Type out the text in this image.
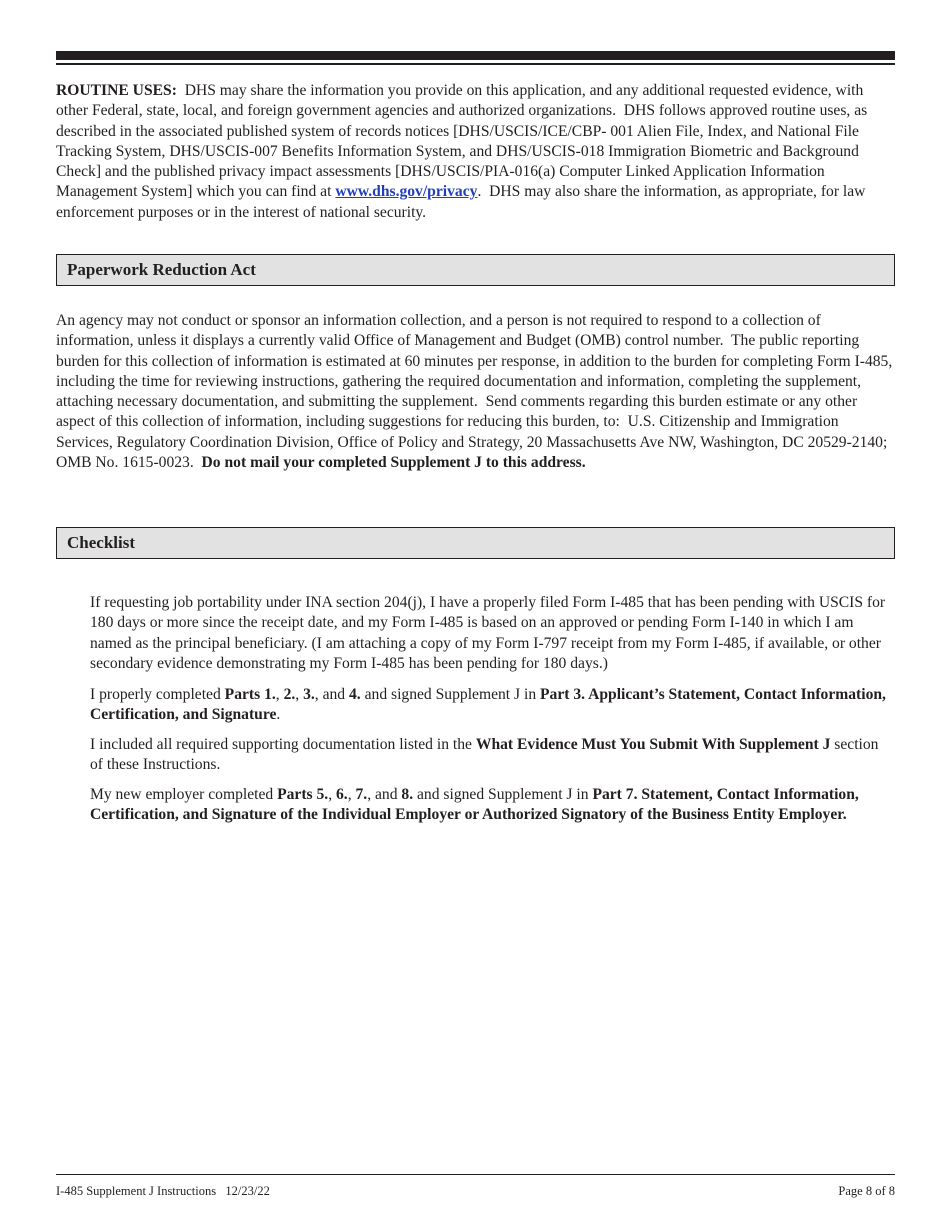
ROUTINE USES:  DHS may share the information you provide on this application, and any additional requested evidence, with other Federal, state, local, and foreign government agencies and authorized organizations.  DHS follows approved routine uses, as described in the associated published system of records notices [DHS/USCIS/ICE/CBP- 001 Alien File, Index, and National File Tracking System, DHS/USCIS-007 Benefits Information System, and DHS/USCIS-018 Immigration Biometric and Background Check] and the published privacy impact assessments [DHS/USCIS/PIA-016(a) Computer Linked Application Information Management System] which you can find at www.dhs.gov/privacy.  DHS may also share the information, as appropriate, for law enforcement purposes or in the interest of national security.

Paperwork Reduction Act

An agency may not conduct or sponsor an information collection, and a person is not required to respond to a collection of information, unless it displays a currently valid Office of Management and Budget (OMB) control number.  The public reporting burden for this collection of information is estimated at 60 minutes per response, in addition to the burden for completing Form I-485, including the time for reviewing instructions, gathering the required documentation and information, completing the supplement, attaching necessary documentation, and submitting the supplement.  Send comments regarding this burden estimate or any other aspect of this collection of information, including suggestions for reducing this burden, to:  U.S. Citizenship and Immigration Services, Regulatory Coordination Division, Office of Policy and Strategy, 20 Massachusetts Ave NW, Washington, DC 20529-2140; OMB No. 1615-0023.  Do not mail your completed Supplement J to this address.

Checklist

If requesting job portability under INA section 204(j), I have a properly filed Form I-485 that has been pending with USCIS for 180 days or more since the receipt date, and my Form I-485 is based on an approved or pending Form I-140 in which I am named as the principal beneficiary. (I am attaching a copy of my Form I-797 receipt from my Form I-485, if available, or other secondary evidence demonstrating my Form I-485 has been pending for 180 days.)

I properly completed Parts 1., 2., 3., and 4. and signed Supplement J in Part 3. Applicant’s Statement, Contact Information, Certification, and Signature.

I included all required supporting documentation listed in the What Evidence Must You Submit With Supplement J section of these Instructions.

My new employer completed Parts 5., 6., 7., and 8. and signed Supplement J in Part 7. Statement, Contact Information, Certification, and Signature of the Individual Employer or Authorized Signatory of the Business Entity Employer.

I-485 Supplement J Instructions   12/23/22	Page 8 of 8
